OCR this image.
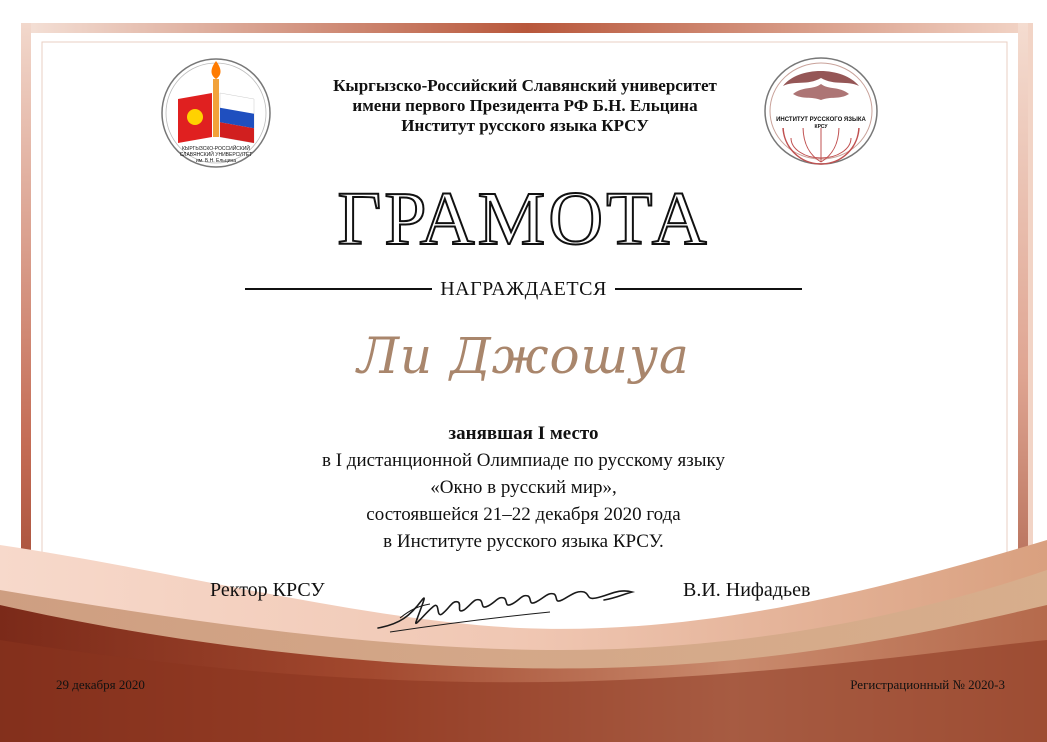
КЫРГЫЗСКО-РОССИЙСКИЙ
СЛАВЯНСКИЙ УНИВЕРСИТЕТ
им. Б.Н. Ельцина
Кыргызско-Российский Славянский университет
имени первого Президента РФ Б.Н. Ельцина
Институт русского языка КРСУ	ИНСТИТУТ РУССКОГО ЯЗЫКА
КРСУ
ГРАМОТА
НАГРАЖДАЕТСЯ
Ли Джошуа
занявшая I место
в I дистанционной Олимпиаде по русскому языку
«Окно в русский мир»,
состоявшейся 21–22 декабря 2020 года
в Институте русского языка КРСУ.
Ректор КРСУ	В.И. Нифадьев
29 декабря 2020	Регистрационный № 2020-3
